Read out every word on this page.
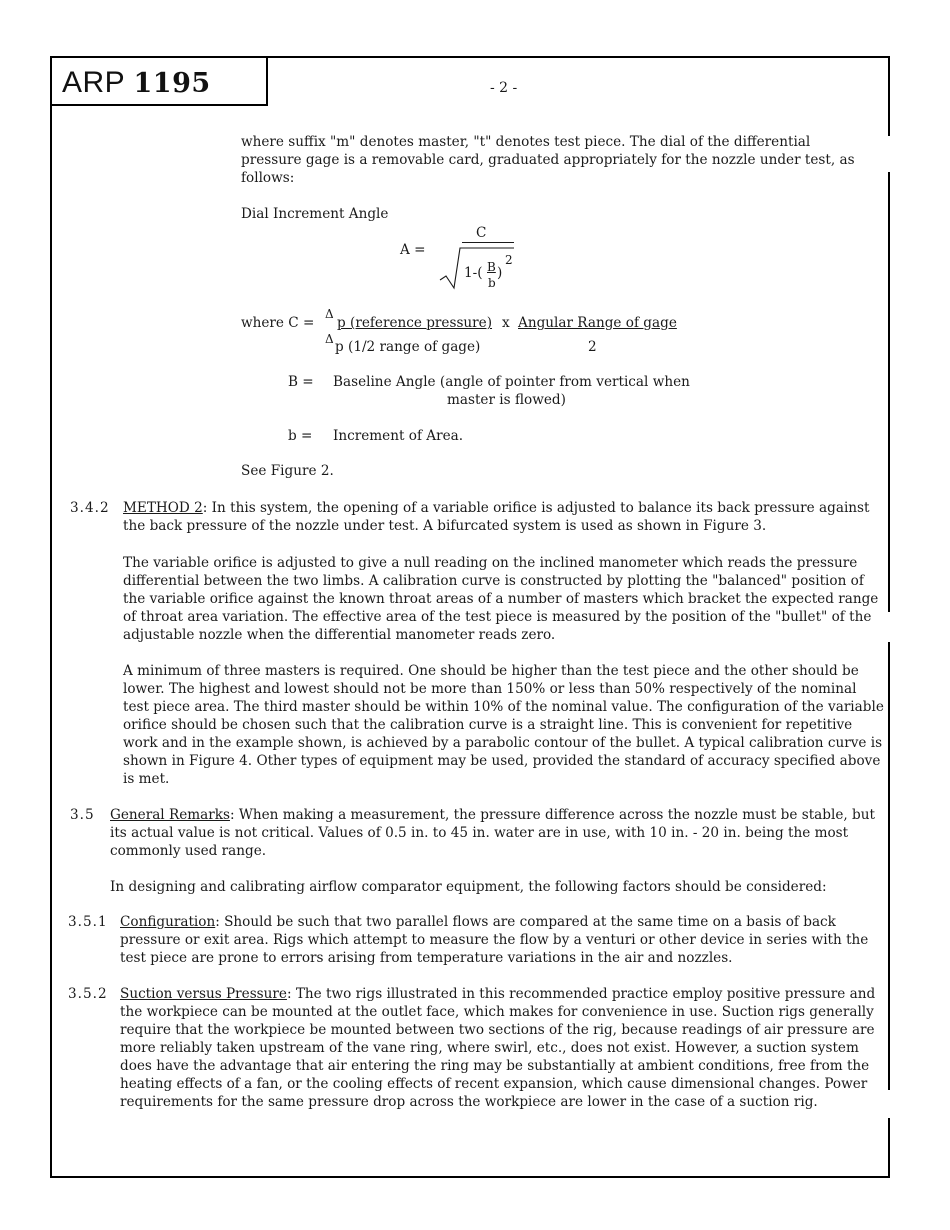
ARP 1195	- 2 -
where suffix "m" denotes master, "t" denotes test piece. The dial of the differential pressure gage is a removable card, graduated appropriately for the nozzle under test, as follows:
Dial Increment Angle
A =
C
1-( B
b
)
2
where C =
Δ
p (reference pressure) x Angular Range of gage
Δ p (1/2 range of gage)	2
B = Baseline Angle (angle of pointer from vertical when
master is flowed)
b = Increment of Area.
See Figure 2.
3.4.2 METHOD 2: In this system, the opening of a variable orifice is adjusted to balance its back pressure against the back pressure of the nozzle under test. A bifurcated system is used as shown in Figure 3.
The variable orifice is adjusted to give a null reading on the inclined manometer which reads the pressure differential between the two limbs. A calibration curve is constructed by plotting the "balanced" position of the variable orifice against the known throat areas of a number of masters which bracket the expected range of throat area variation. The effective area of the test piece is measured by the position of the "bullet" of the adjustable nozzle when the differential manometer reads zero.
A minimum of three masters is required. One should be higher than the test piece and the other should be lower. The highest and lowest should not be more than 150% or less than 50% respectively of the nominal test piece area. The third master should be within 10% of the nominal value. The configuration of the variable orifice should be chosen such that the calibration curve is a straight line. This is convenient for repetitive work and in the example shown, is achieved by a parabolic contour of the bullet. A typical calibration curve is shown in Figure 4. Other types of equipment may be used, provided the standard of accuracy specified above is met.
3.5 General Remarks: When making a measurement, the pressure difference across the nozzle must be stable, but its actual value is not critical. Values of 0.5 in. to 45 in. water are in use, with 10 in. - 20 in. being the most commonly used range.
In designing and calibrating airflow comparator equipment, the following factors should be considered:
3.5.1 Configuration: Should be such that two parallel flows are compared at the same time on a basis of back pressure or exit area. Rigs which attempt to measure the flow by a venturi or other device in series with the test piece are prone to errors arising from temperature variations in the air and nozzles.
3.5.2 Suction versus Pressure: The two rigs illustrated in this recommended practice employ positive pressure and the workpiece can be mounted at the outlet face, which makes for convenience in use. Suction rigs generally require that the workpiece be mounted between two sections of the rig, because readings of air pressure are more reliably taken upstream of the vane ring, where swirl, etc., does not exist. However, a suction system does have the advantage that air entering the ring may be substantially at ambient conditions, free from the heating effects of a fan, or the cooling effects of recent expansion, which cause dimensional changes. Power requirements for the same pressure drop across the workpiece are lower in the case of a suction rig.
